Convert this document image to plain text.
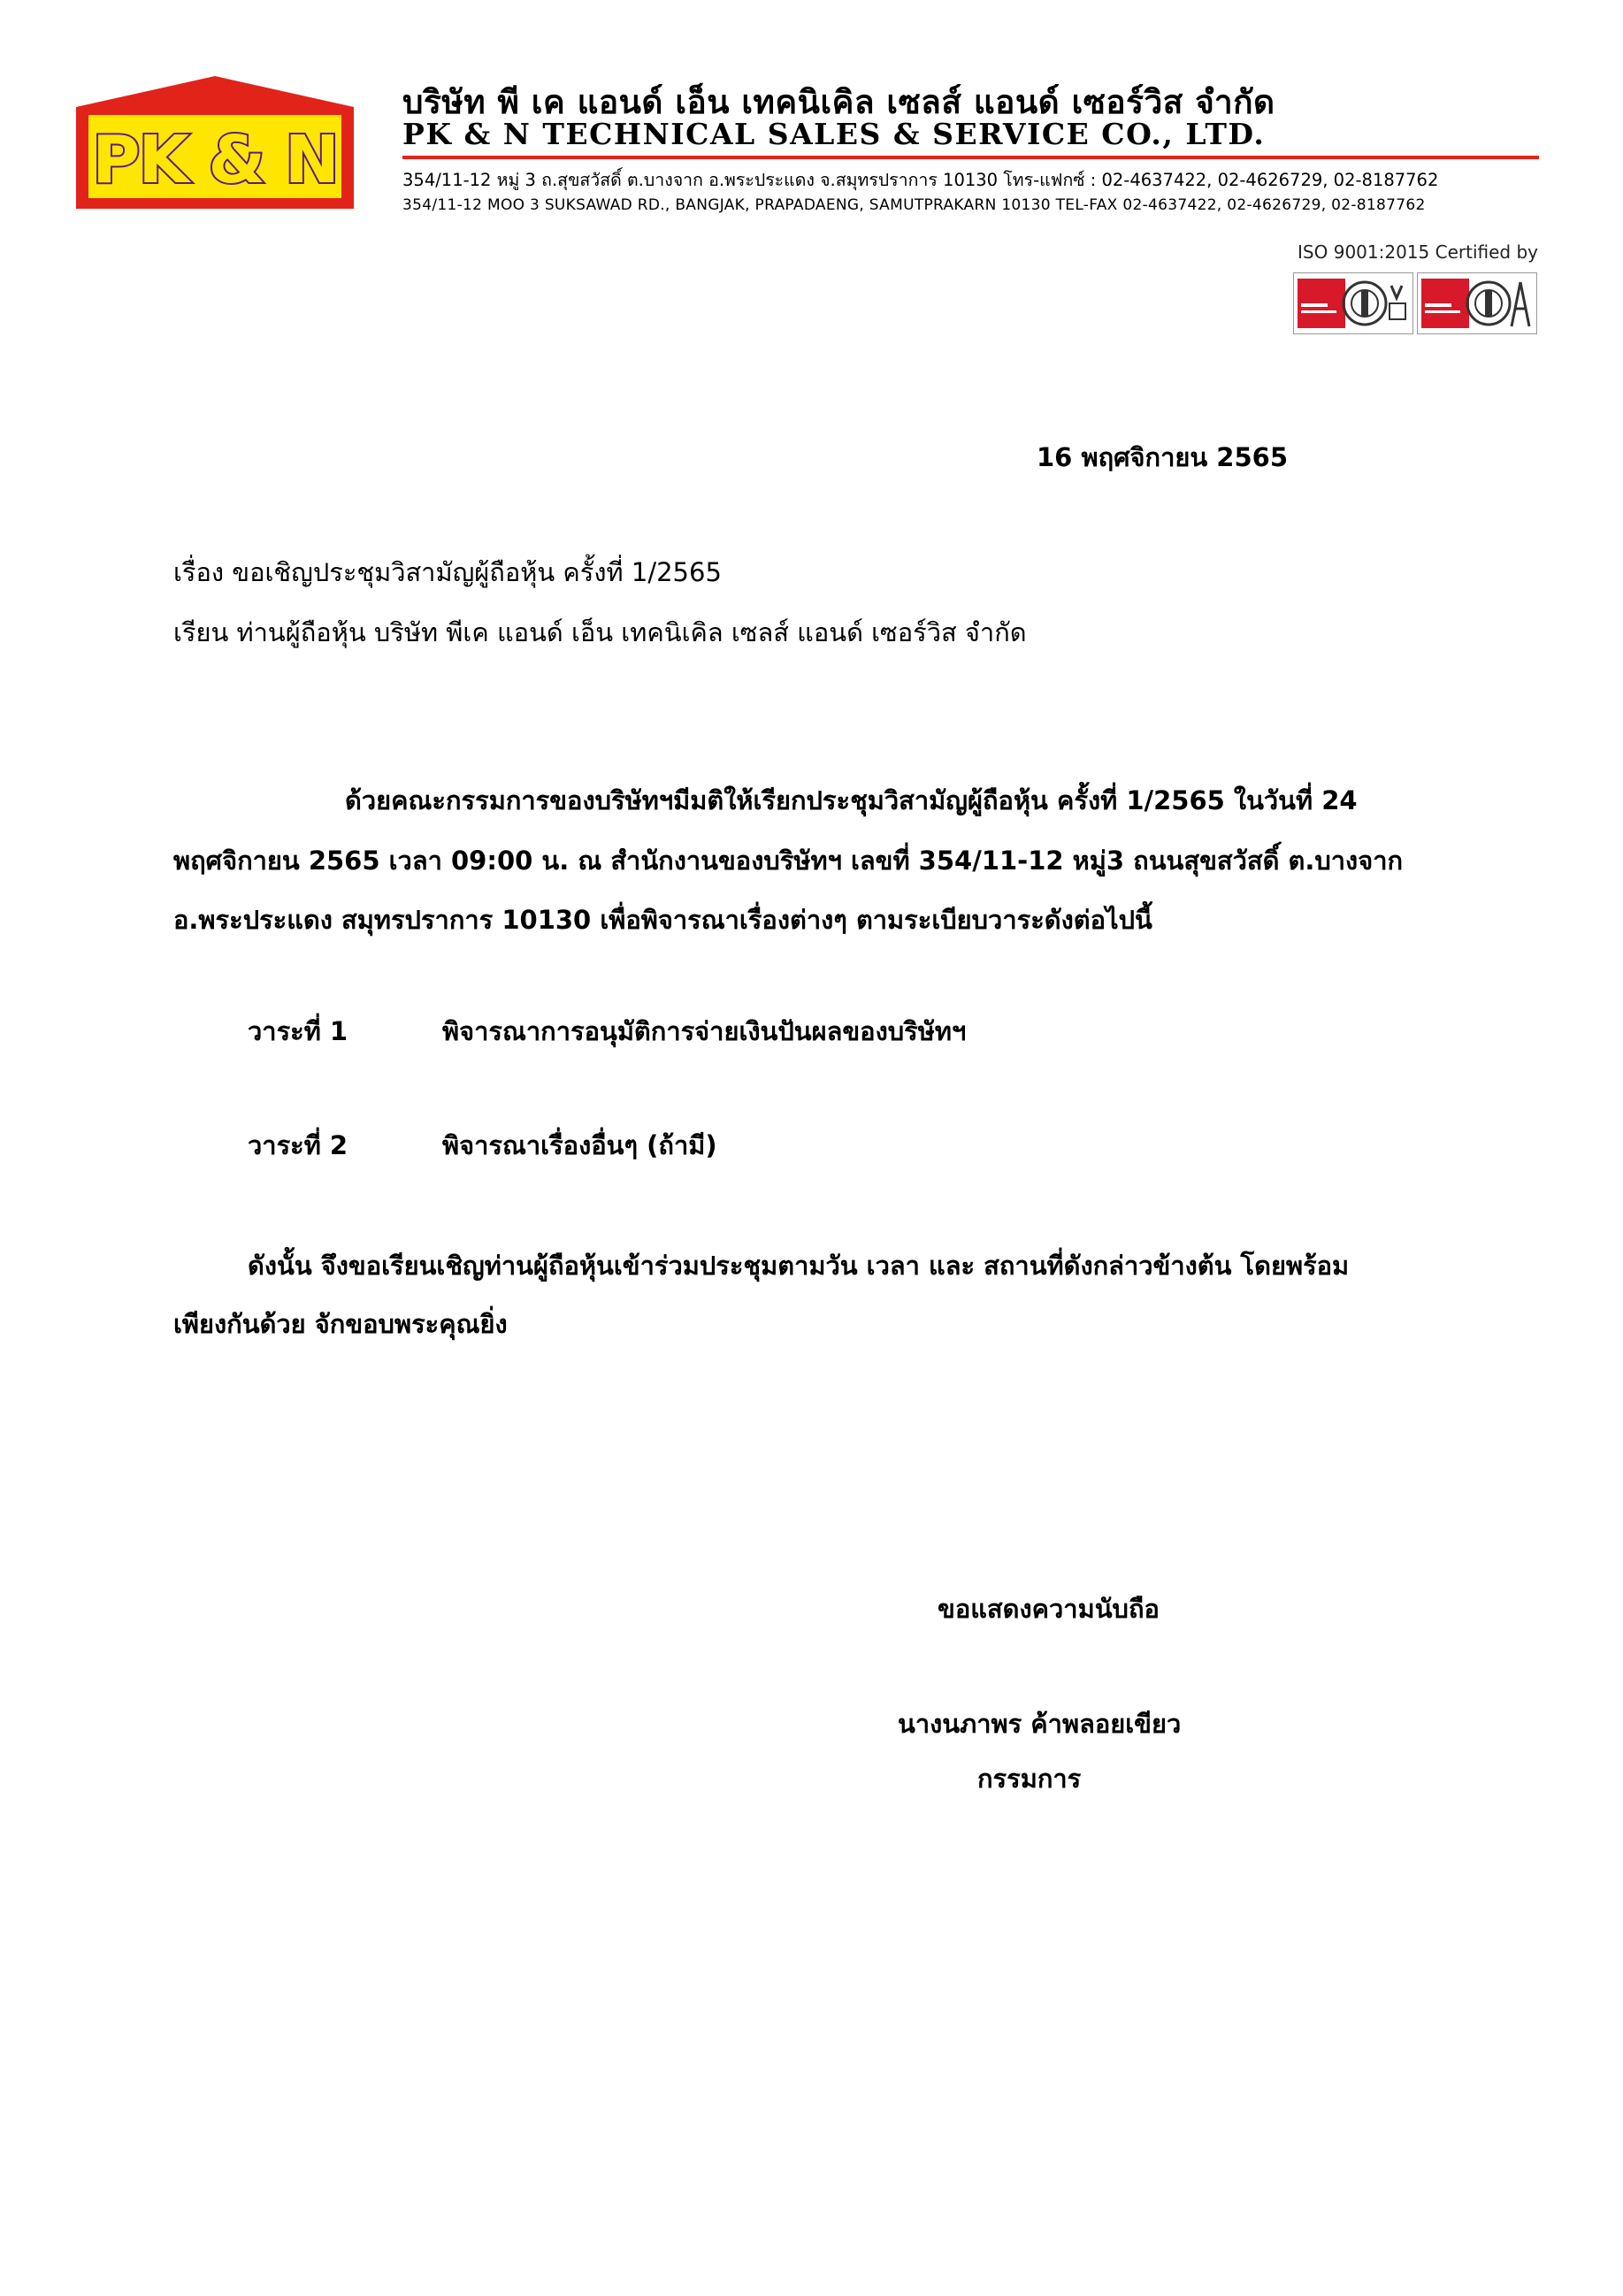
PK & N
บริษัท พี เค แอนด์ เอ็น เทคนิเคิล เซลส์ แอนด์ เซอร์วิส จำกัด
PK & N TECHNICAL SALES & SERVICE CO., LTD.
354/11-12 หมู่ 3 ถ.สุขสวัสดิ์ ต.บางจาก อ.พระประแดง จ.สมุทรปราการ 10130 โทร-แฟกซ์ : 02-4637422, 02-4626729, 02-8187762
354/11-12 MOO 3 SUKSAWAD RD., BANGJAK, PRAPADAENG, SAMUTPRAKARN 10130 TEL-FAX 02-4637422, 02-4626729, 02-8187762
ISO 9001:2015 Certified by
16 พฤศจิกายน 2565
เรื่อง ขอเชิญประชุมวิสามัญผู้ถือหุ้น ครั้งที่ 1/2565
เรียน ท่านผู้ถือหุ้น บริษัท พีเค แอนด์ เอ็น เทคนิเคิล เซลส์ แอนด์ เซอร์วิส จำกัด
ด้วยคณะกรรมการของบริษัทฯมีมติให้เรียกประชุมวิสามัญผู้ถือหุ้น ครั้งที่ 1/2565 ในวันที่ 24
พฤศจิกายน 2565 เวลา 09:00 น. ณ สำนักงานของบริษัทฯ เลขที่ 354/11-12 หมู่3 ถนนสุขสวัสดิ์ ต.บางจาก
อ.พระประแดง สมุทรปราการ 10130 เพื่อพิจารณาเรื่องต่างๆ ตามระเบียบวาระดังต่อไปนี้
วาระที่ 1	พิจารณาการอนุมัติการจ่ายเงินปันผลของบริษัทฯ
วาระที่ 2	พิจารณาเรื่องอื่นๆ (ถ้ามี)
ดังนั้น จึงขอเรียนเชิญท่านผู้ถือหุ้นเข้าร่วมประชุมตามวัน เวลา และ สถานที่ดังกล่าวข้างต้น โดยพร้อม
เพียงกันด้วย จักขอบพระคุณยิ่ง
ขอแสดงความนับถือ
นางนภาพร ค้าพลอยเขียว
กรรมการ
